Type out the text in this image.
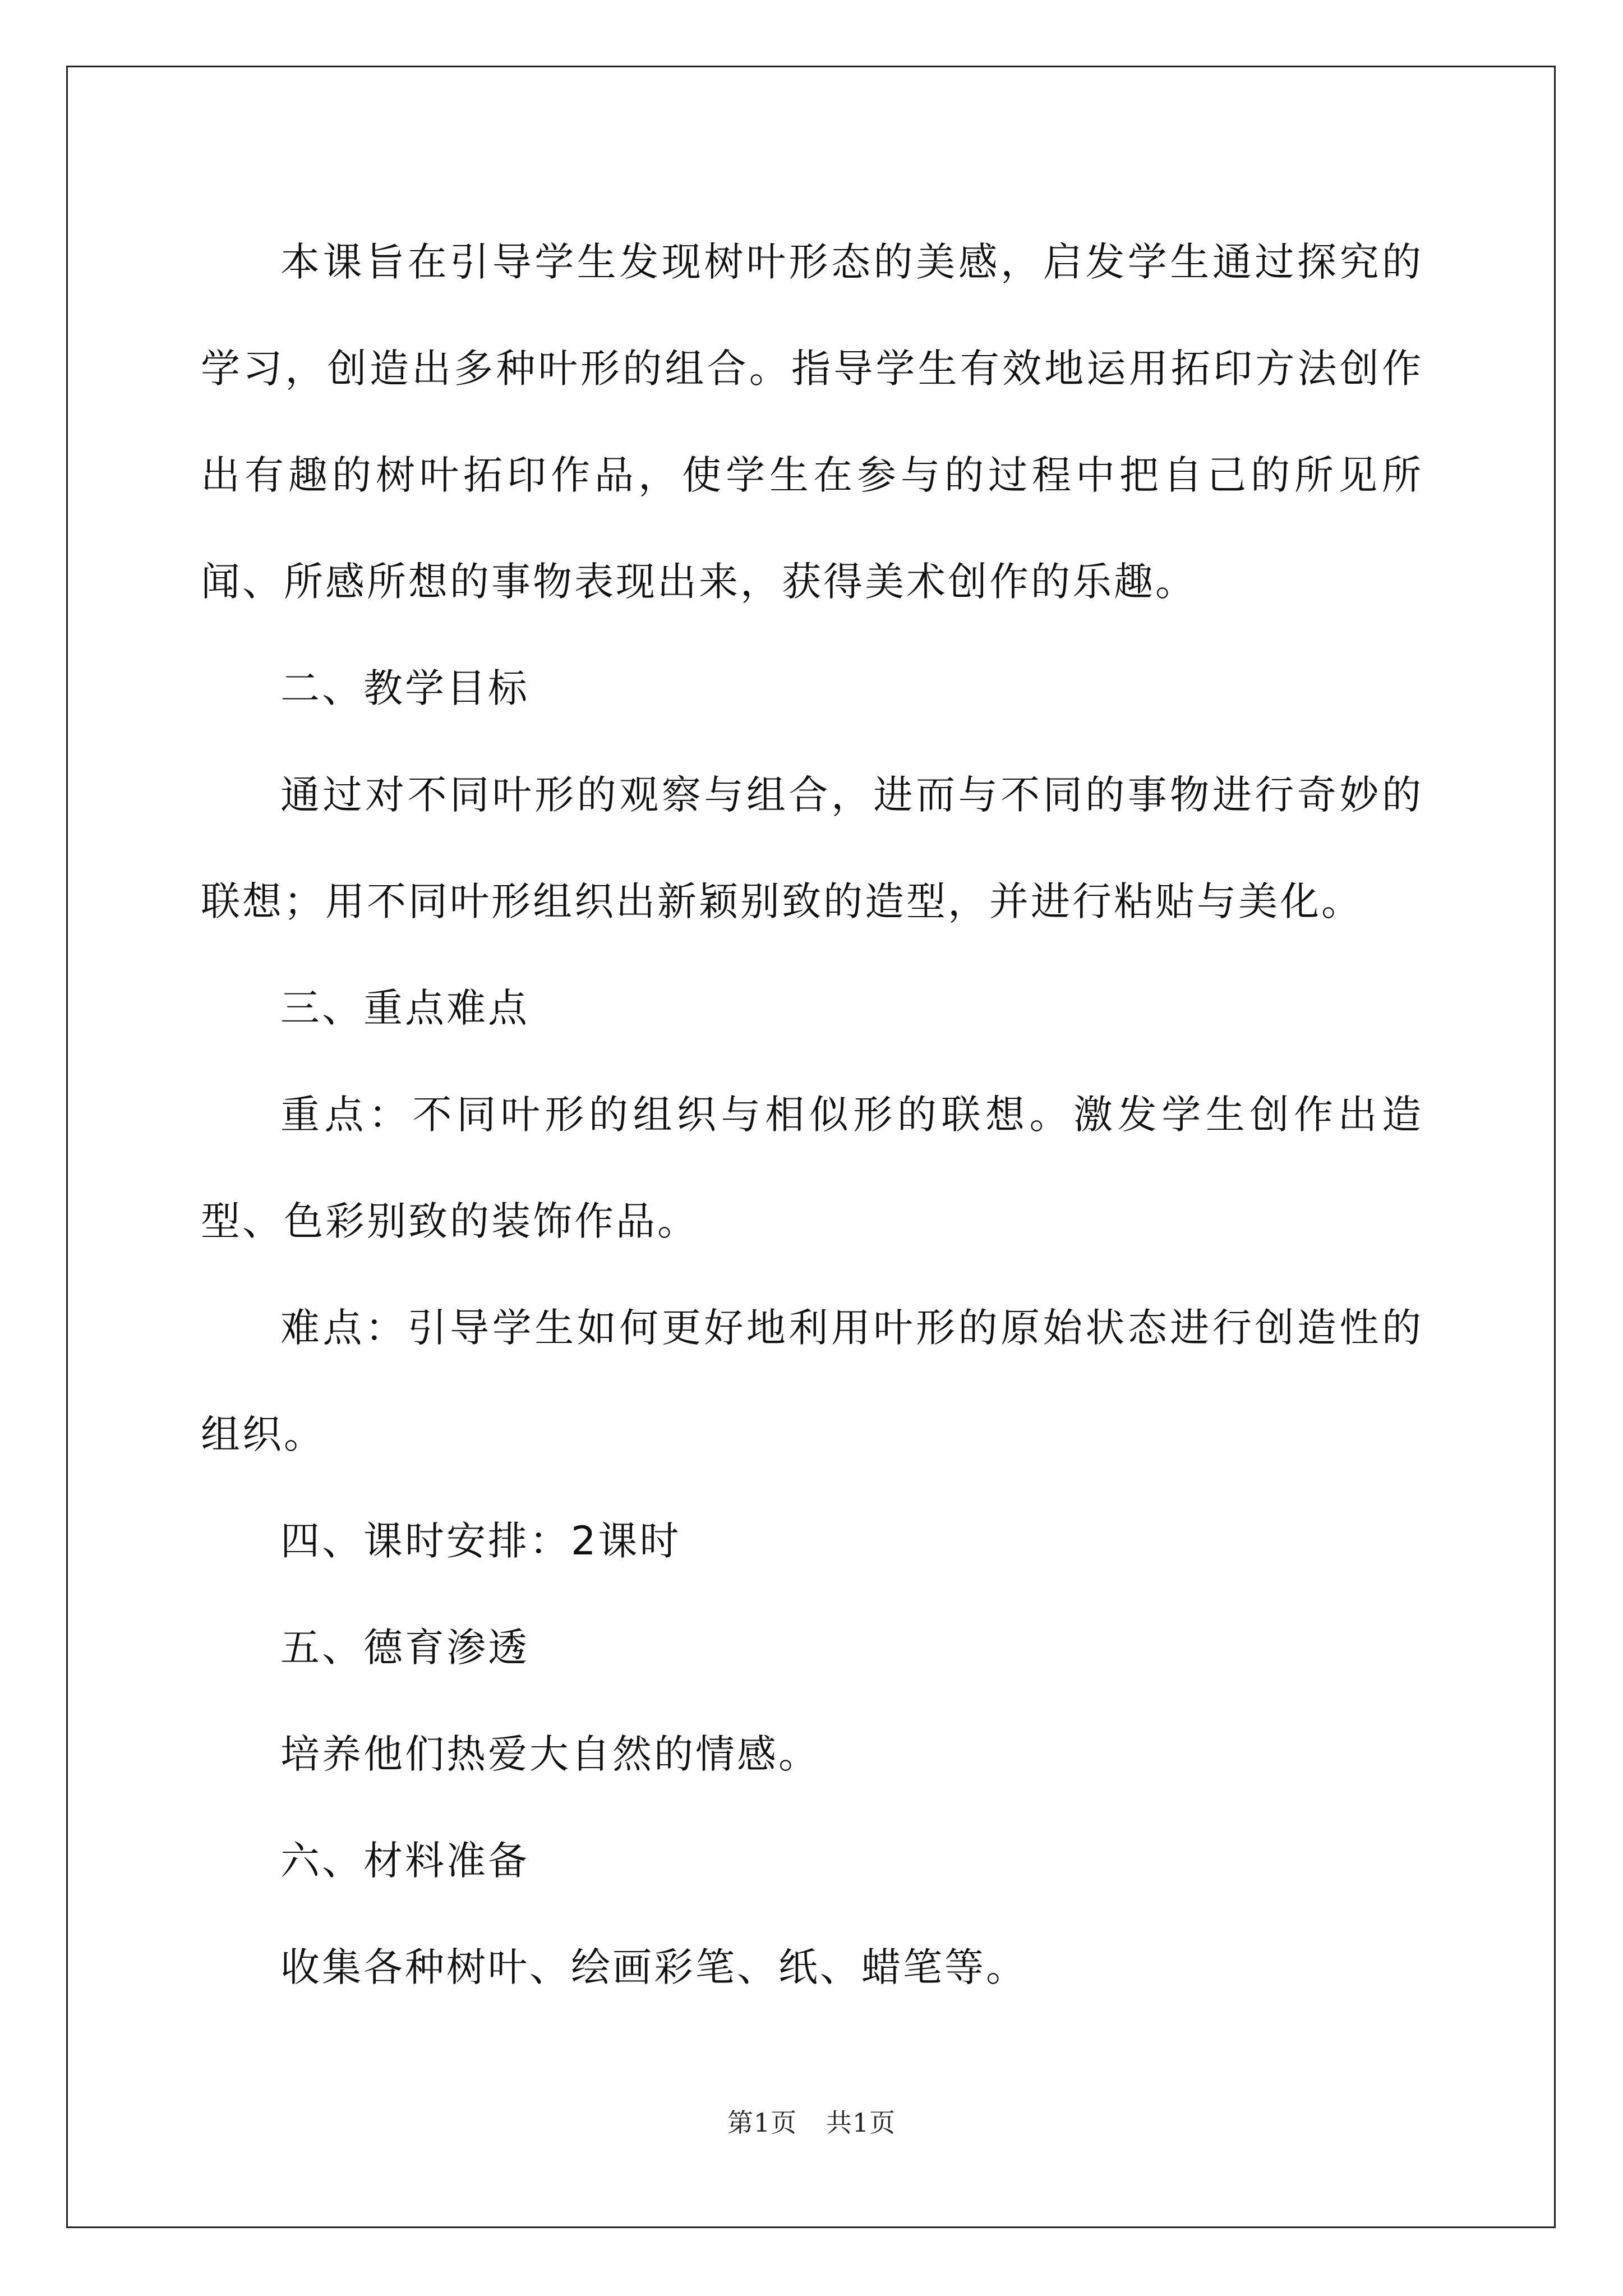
本课旨在引导学生发现树叶形态的美感，启发学生通过探究的学习，创造出多种叶形的组合。指导学生有效地运用拓印方法创作出有趣的树叶拓印作品，使学生在参与的过程中把自己的所见所闻、所感所想的事物表现出来，获得美术创作的乐趣。

二、教学目标

通过对不同叶形的观察与组合，进而与不同的事物进行奇妙的联想；用不同叶形组织出新颖别致的造型，并进行粘贴与美化。

三、重点难点

重点：不同叶形的组织与相似形的联想。激发学生创作出造型、色彩别致的装饰作品。

难点：引导学生如何更好地利用叶形的原始状态进行创造性的组织。

四、课时安排：2课时

五、德育渗透

培养他们热爱大自然的情感。

六、材料准备

收集各种树叶、绘画彩笔、纸、蜡笔等。

第1页 共1页
